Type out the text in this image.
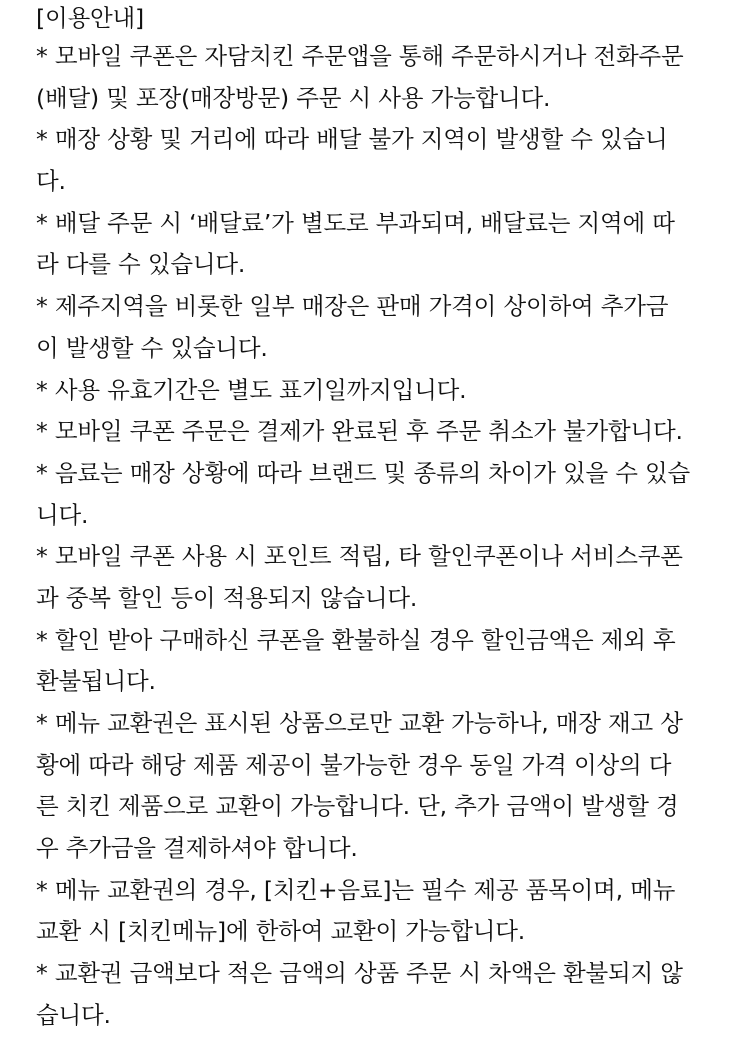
[이용안내]
* 모바일 쿠폰은 자담치킨 주문앱을 통해 주문하시거나 전화주문
(배달) 및 포장(매장방문) 주문 시 사용 가능합니다.
* 매장 상황 및 거리에 따라 배달 불가 지역이 발생할 수 있습니
다.
* 배달 주문 시 ‘배달료’가 별도로 부과되며, 배달료는 지역에 따
라 다를 수 있습니다.
* 제주지역을 비롯한 일부 매장은 판매 가격이 상이하여 추가금
이 발생할 수 있습니다.
* 사용 유효기간은 별도 표기일까지입니다.
* 모바일 쿠폰 주문은 결제가 완료된 후 주문 취소가 불가합니다.
* 음료는 매장 상황에 따라 브랜드 및 종류의 차이가 있을 수 있습
니다.
* 모바일 쿠폰 사용 시 포인트 적립, 타 할인쿠폰이나 서비스쿠폰
과 중복 할인 등이 적용되지 않습니다.
* 할인 받아 구매하신 쿠폰을 환불하실 경우 할인금액은 제외 후
환불됩니다.
* 메뉴 교환권은 표시된 상품으로만 교환 가능하나, 매장 재고 상
황에 따라 해당 제품 제공이 불가능한 경우 동일 가격 이상의 다
른 치킨 제품으로 교환이 가능합니다. 단, 추가 금액이 발생할 경
우 추가금을 결제하셔야 합니다.
* 메뉴 교환권의 경우, [치킨+음료]는 필수 제공 품목이며, 메뉴
교환 시 [치킨메뉴]에 한하여 교환이 가능합니다.
* 교환권 금액보다 적은 금액의 상품 주문 시 차액은 환불되지 않
습니다.
